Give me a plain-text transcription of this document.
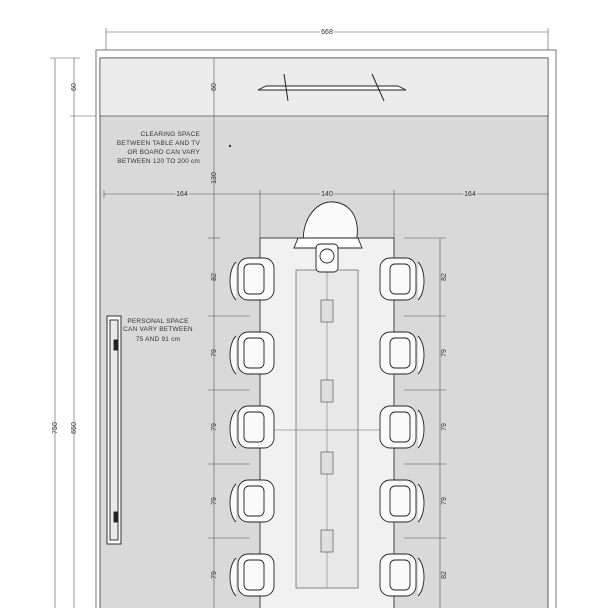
668
60
750 650
60
130
CLEARING SPACE
BETWEEN TABLE AND TV
OR BOARD CAN VARY
BETWEEN 120 TO 200 cm
164	140	164
82
79
79
79
79
82
79
79
79
82
PERSONAL SPACE
CAN VARY BETWEEN
75 AND 91 cm
